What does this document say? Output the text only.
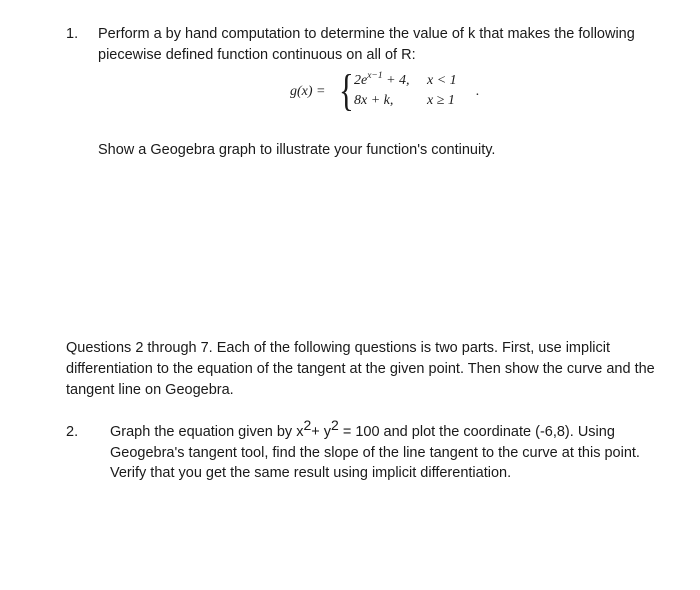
1. Perform a by hand computation to determine the value of k that makes the following
piecewise defined function continuous on all of R:
g(x) = { $2e^{x-1} + 4$, x < 1
8x + k, x ≥ 1
.
Show a Geogebra graph to illustrate your function's continuity.
Questions 2 through 7. Each of the following questions is two parts. First, use implicit
differentiation to the equation of the tangent at the given point. Then show the curve and the
tangent line on Geogebra.
2. Graph the equation given by $x^2+ y^2 = 100$ and plot the coordinate (-6,8). Using
Geogebra's tangent tool, find the slope of the line tangent to the curve at this point.
Verify that you get the same result using implicit differentiation.
